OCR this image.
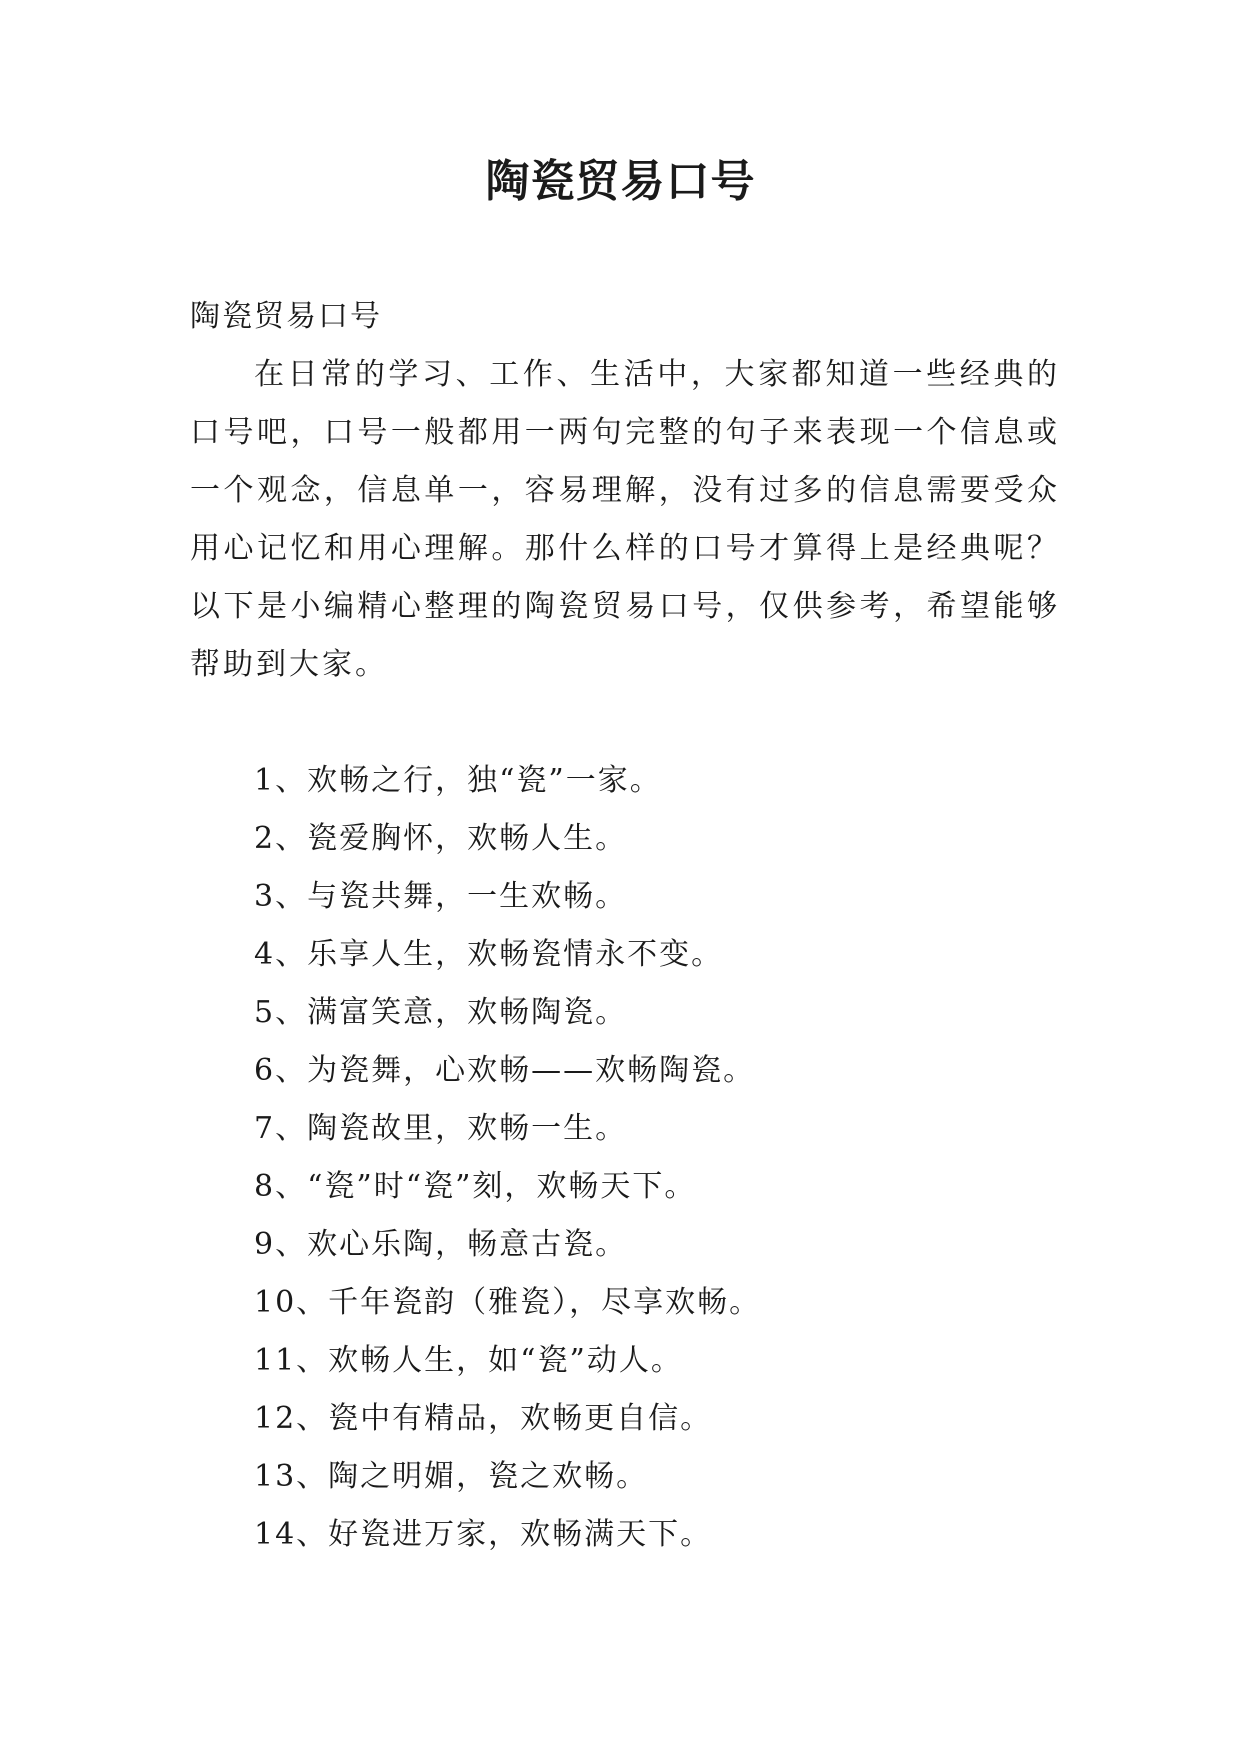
陶瓷贸易口号
陶瓷贸易口号

在日常的学习、工作、生活中，大家都知道一些经典的口号吧，口号一般都用一两句完整的句子来表现一个信息或一个观念，信息单一，容易理解，没有过多的信息需要受众用心记忆和用心理解。那什么样的口号才算得上是经典呢？以下是小编精心整理的陶瓷贸易口号，仅供参考，希望能够帮助到大家。

1、欢畅之行，独“瓷”一家。
2、瓷爱胸怀，欢畅人生。
3、与瓷共舞，一生欢畅。
4、乐享人生，欢畅瓷情永不变。
5、满富笑意，欢畅陶瓷。
6、为瓷舞，心欢畅——欢畅陶瓷。
7、陶瓷故里，欢畅一生。
8、“瓷”时“瓷”刻，欢畅天下。
9、欢心乐陶，畅意古瓷。
10、千年瓷韵（雅瓷），尽享欢畅。
11、欢畅人生，如“瓷”动人。
12、瓷中有精品，欢畅更自信。
13、陶之明媚，瓷之欢畅。
14、好瓷进万家，欢畅满天下。
